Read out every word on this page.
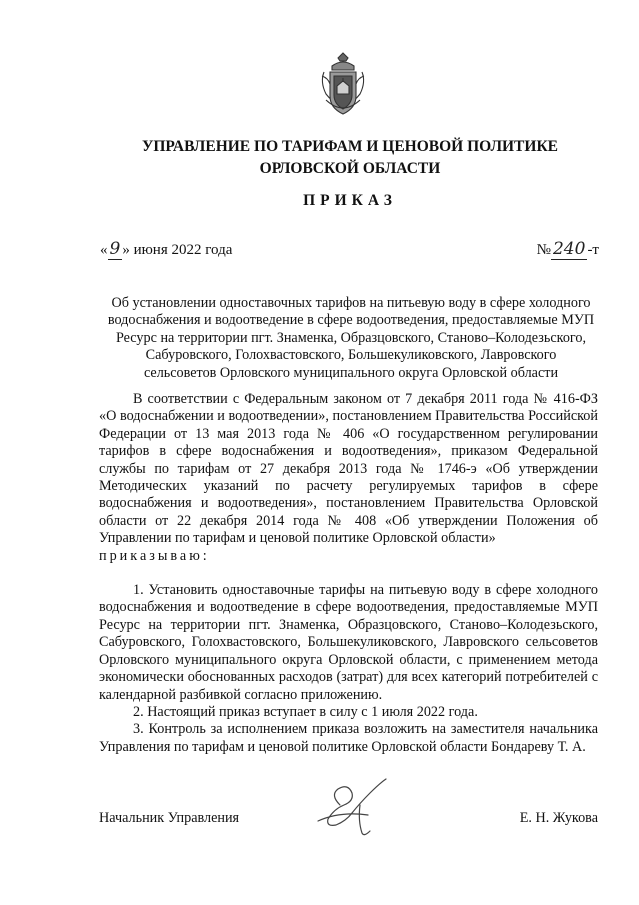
УПРАВЛЕНИЕ ПО ТАРИФАМ И ЦЕНОВОЙ ПОЛИТИКЕ
ОРЛОВСКОЙ ОБЛАСТИ
ПРИКАЗ
« 9 » июня 2022 года	№ 240 -т
Об установлении одноставочных тарифов на питьевую воду в сфере холодного
водоснабжения и водоотведение в сфере водоотведения, предоставляемые МУП
Ресурс на территории пгт. Знаменка, Образцовского, Становo–Колодезьского,
Сабуровского, Голохвастовского, Большекуликовского, Лавровского
сельсоветов Орловского муниципального округа Орловской области

В соответствии с Федеральным законом от 7 декабря 2011 года № 416-ФЗ «О водоснабжении и водоотведении», постановлением Правительства Российской Федерации от 13 мая 2013 года № 406 «О государственном регулировании тарифов в сфере водоснабжения и водоотведения», приказом Федеральной службы по тарифам от 27 декабря 2013 года № 1746-э «Об утверждении Методических указаний по расчету регулируемых тарифов в сфере водоснабжения и водоотведения», постановлением Правительства Орловской области от 22 декабря 2014 года № 408 «Об утверждении Положения об Управлении по тарифам и ценовой политике Орловской области»

приказываю:

1. Установить одноставочные тарифы на питьевую воду в сфере холодного водоснабжения и водоотведение в сфере водоотведения, предоставляемые МУП Ресурс на территории пгт. Знаменка, Образцовского, Становo–Колодезьского, Сабуровского, Голохвастовского, Большекуликовского, Лавровского сельсоветов Орловского муниципального округа Орловской области, с применением метода экономически обоснованных расходов (затрат) для всех категорий потребителей с календарной разбивкой согласно приложению.

2. Настоящий приказ вступает в силу с 1 июля 2022 года.

3. Контроль за исполнением приказа возложить на заместителя начальника Управления по тарифам и ценовой политике Орловской области Бондареву Т. А.

Начальник Управления	Е. Н. Жукова
